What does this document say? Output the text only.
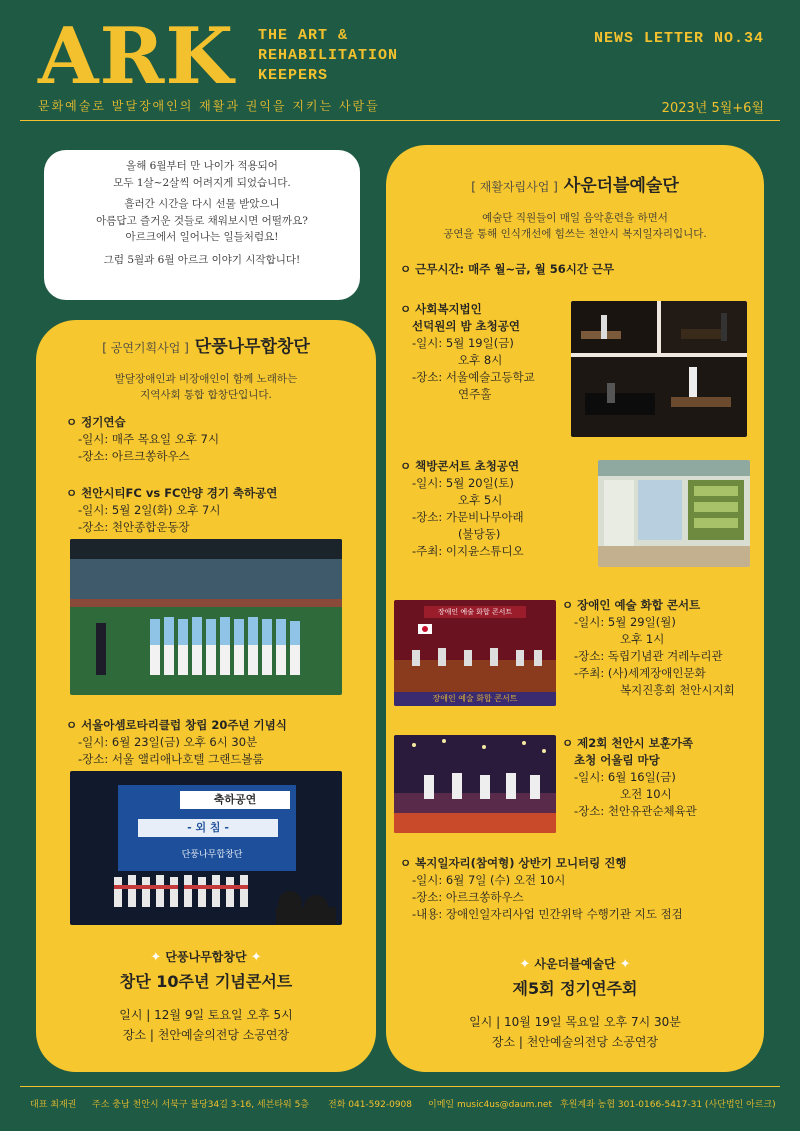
ARK THE ART &
REHABILITATION
KEEPERS
문화예술로 발달장애인의 재활과 권익을 지키는 사람들
NEWS LETTER NO.34
2023년 5월+6월

올해 6월부터 만 나이가 적용되어
모두 1살~2살씩 어려지게 되었습니다.

흘러간 시간을 다시 선물 받았으니
아름답고 즐거운 것들로 채워보시면 어떨까요?
아르크에서 일어나는 일들처럼요!

그럼 5월과 6월 아르크 이야기 시작합니다!

[ 공연기획사업 ] 단풍나무합창단
발달장애인과 비장애인이 함께 노래하는
지역사회 통합 합창단입니다.
ㅇ 정기연습
-일시: 매주 목요일 오후 7시
-장소: 아르크쏭하우스
ㅇ 천안시티FC vs FC안양 경기 축하공연
-일시: 5월 2일(화) 오후 7시
-장소: 천안종합운동장
ㅇ 서울아셈로타리클럽 창립 20주년 기념식
-일시: 6월 23일(금) 오후 6시 30분
-장소: 서울 앨리애나호텔 그랜드볼룸
축하공연
- 외 침 -
단풍나무합창단
✦ 단풍나무합창단 ✦
창단 10주년 기념콘서트
일시 | 12월 9일 토요일 오후 5시
장소 | 천안예술의전당 소공연장
[ 재활자립사업 ] 사운더블예술단
예술단 직원들이 매일 음악훈련을 하면서
공연을 통해 인식개선에 힘쓰는 천안시 복지일자리입니다.
ㅇ 근무시간: 매주 월~금, 월 56시간 근무
ㅇ 사회복지법인
선덕원의 밤 초청공연
-일시: 5월 19일(금)
오후 8시
-장소: 서울예술고등학교
연주홀
ㅇ 책방콘서트 초청공연
-일시: 5월 20일(토)
오후 5시
-장소: 가문비나무아래
(불당동)
-주최: 이지윤스튜디오
장애인 예술 화합 콘서트
장애인 예술 화합 콘서트
ㅇ 장애인 예술 화합 콘서트
-일시: 5월 29일(월)
오후 1시
-장소: 독립기념관 겨레누리관
-주최: (사)세계장애인문화
복지진흥회 천안시지회
ㅇ 제2회 천안시 보훈가족
초청 어울림 마당
-일시: 6월 16일(금)
오전 10시
-장소: 천안유관순체육관
ㅇ 복지일자리(참여형) 상반기 모니터링 진행
-일시: 6월 7일 (수) 오전 10시
-장소: 아르크쏭하우스
-내용: 장애인일자리사업 민간위탁 수행기관 지도 점검
✦ 사운더블예술단 ✦
제5회 정기연주회
일시 | 10월 19일 목요일 오후 7시 30분
장소 | 천안예술의전당 소공연장
대표 최재권 주소 충남 천안시 서북구 불당34길 3-16, 세븐타워 5층 전화 041-592-0908 이메일 music4us@daum.net 후원계좌 농협 301-0166-5417-31 (사단법인 아르크)
